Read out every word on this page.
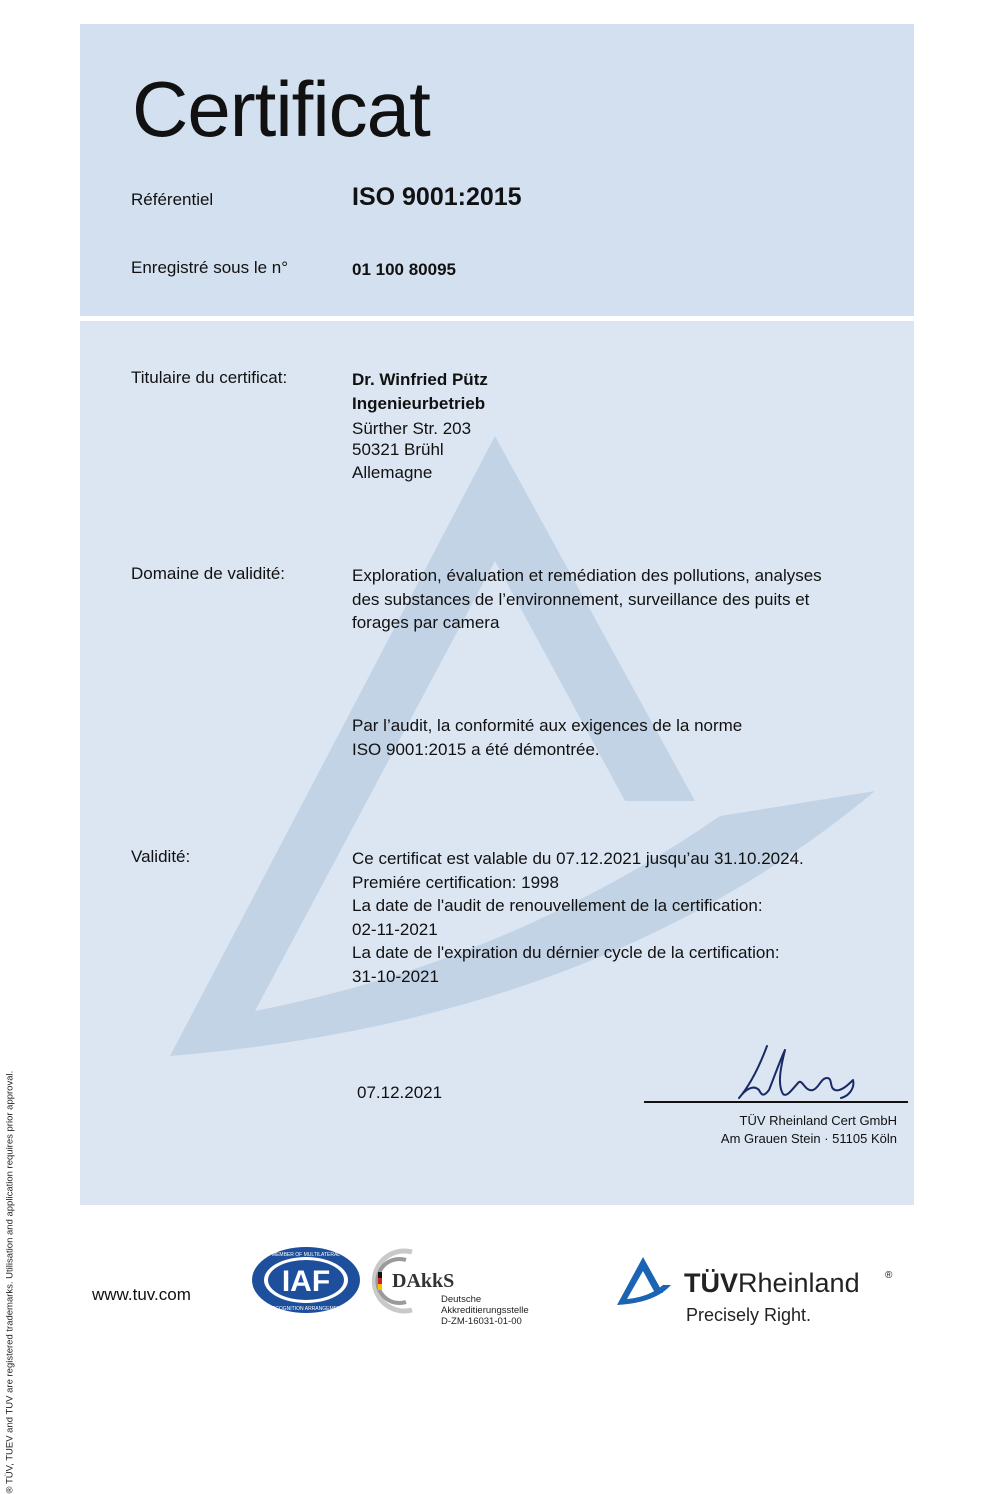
Certificat
Référentiel	ISO 9001:2015
Enregistré sous le n°	01 100 80095
Titulaire du certificat:	Dr. Winfried Pütz
Ingenieurbetrieb
Sürther Str. 203
50321 Brühl
Allemagne
Domaine de validité:	Exploration, évaluation et remédiation des pollutions, analyses
des substances de l’environnement, surveillance des puits et
forages par camera
Par l’audit, la conformité aux exigences de la norme
ISO 9001:2015 a été démontrée.
Validité:	Ce certificat est valable du 07.12.2021 jusqu’au 31.10.2024.
Premiére certification: 1998
La date de l'audit de renouvellement de la certification:
02-11-2021
La date de l'expiration du dérnier cycle de la certification:
31-10-2021
07.12.2021
TÜV Rheinland Cert GmbH
Am Grauen Stein · 51105 Köln
® TÜV, TUEV and TUV are registered trademarks. Utilisation and application requires prior approval.	www.tuv.com	IAF
MEMBER OF MULTILATERAL
RECOGNITION ARRANGEMENT
DAkkS
Deutsche
Akkreditierungsstelle
D-ZM-16031-01-00
TÜVRheinland	®
Precisely Right.
